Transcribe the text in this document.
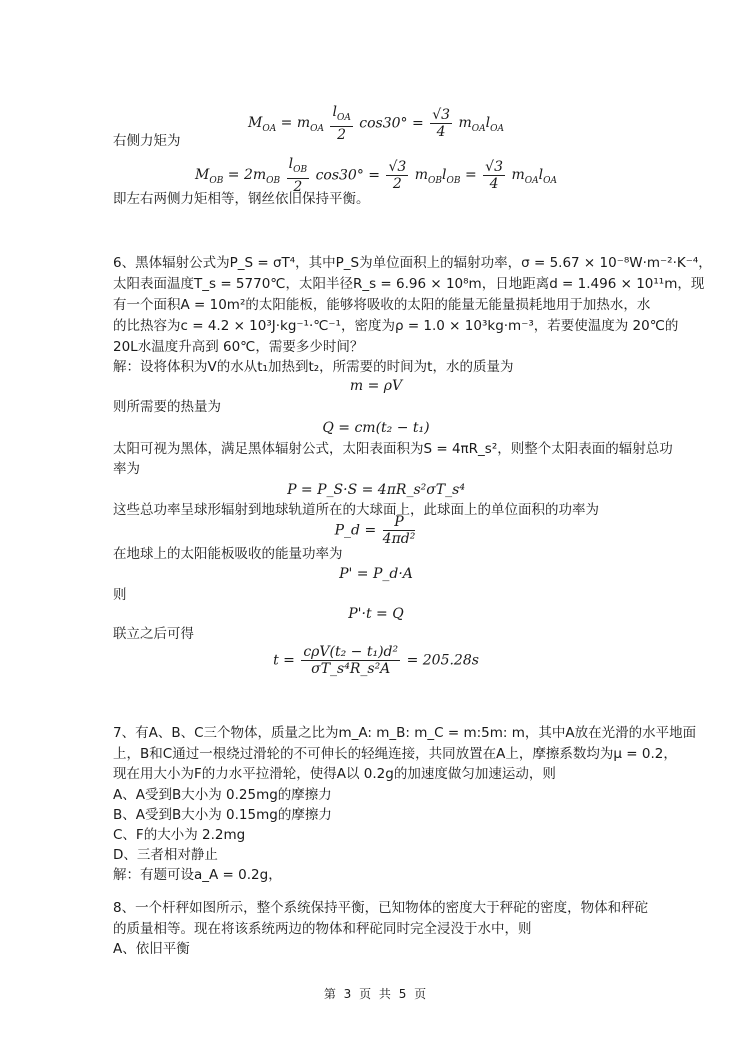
$M_{OA} = m_{OA} \frac{l_{OA}}{2} \cos 30^\circ = \frac{√3}{4} m_{OA}l_{OA}$
右侧力矩为
$M_{OB} = 2m_{OB} \frac{l_{OB}}{2} \cos 30^\circ = \frac{√3}{2} m_{OB}l_{OB} = \frac{√3}{4} m_{OA}l_{OA}$
即左右两侧力矩相等，钢丝依旧保持平衡。
6、黑体辐射公式为P_S = σT⁴，其中P_S为单位面积上的辐射功率，σ = 5.67 × 10⁻⁸W·m⁻²·K⁻⁴，
太阳表面温度T_s = 5770℃，太阳半径R_s = 6.96 × 10⁸m，日地距离d = 1.496 × 10¹¹m，现
有一个面积A = 10m²的太阳能板，能够将吸收的太阳的能量无能量损耗地用于加热水，水
的比热容为c = 4.2 × 10³J·kg⁻¹·℃⁻¹，密度为ρ = 1.0 × 10³kg·m⁻³，若要使温度为 20℃的
20L水温度升高到 60℃，需要多少时间？
解：设将体积为V的水从t₁加热到t₂，所需要的时间为t，水的质量为
m = ρV
则所需要的热量为
Q = cm(t₂ − t₁)
太阳可视为黑体，满足黑体辐射公式，太阳表面积为S = 4πR_s²，则整个太阳表面的辐射总功
率为
P = P_S·S = 4πR_s²σT_s⁴
这些总功率呈球形辐射到地球轨道所在的大球面上，此球面上的单位面积的功率为
P_d = $\frac{P}{\text{4πd²}}$
在地球上的太阳能板吸收的能量功率为
P' = P_d·A
则
P'·t = Q
联立之后可得
$t = \frac{\text{cρV(t₂ − t₁)d²}}{\text{σT\_s⁴R\_s²A}} = 205.28s$
7、有A、B、C三个物体，质量之比为m_A: m_B: m_C = m:5m: m，其中A放在光滑的水平地面
上，B和C通过一根绕过滑轮的不可伸长的轻绳连接，共同放置在A上，摩擦系数均为μ = 0.2，
现在用大小为F的力水平拉滑轮，使得A以 0.2g的加速度做匀加速运动，则
A、A受到B大小为 0.25mg的摩擦力
B、A受到B大小为 0.15mg的摩擦力
C、F的大小为 2.2mg
D、三者相对静止
解：有题可设a_A = 0.2g，
8、一个杆秤如图所示，整个系统保持平衡，已知物体的密度大于秤砣的密度，物体和秤砣
的质量相等。现在将该系统两边的物体和秤砣同时完全浸没于水中，则
A、依旧平衡
第 3 页 共 5 页
